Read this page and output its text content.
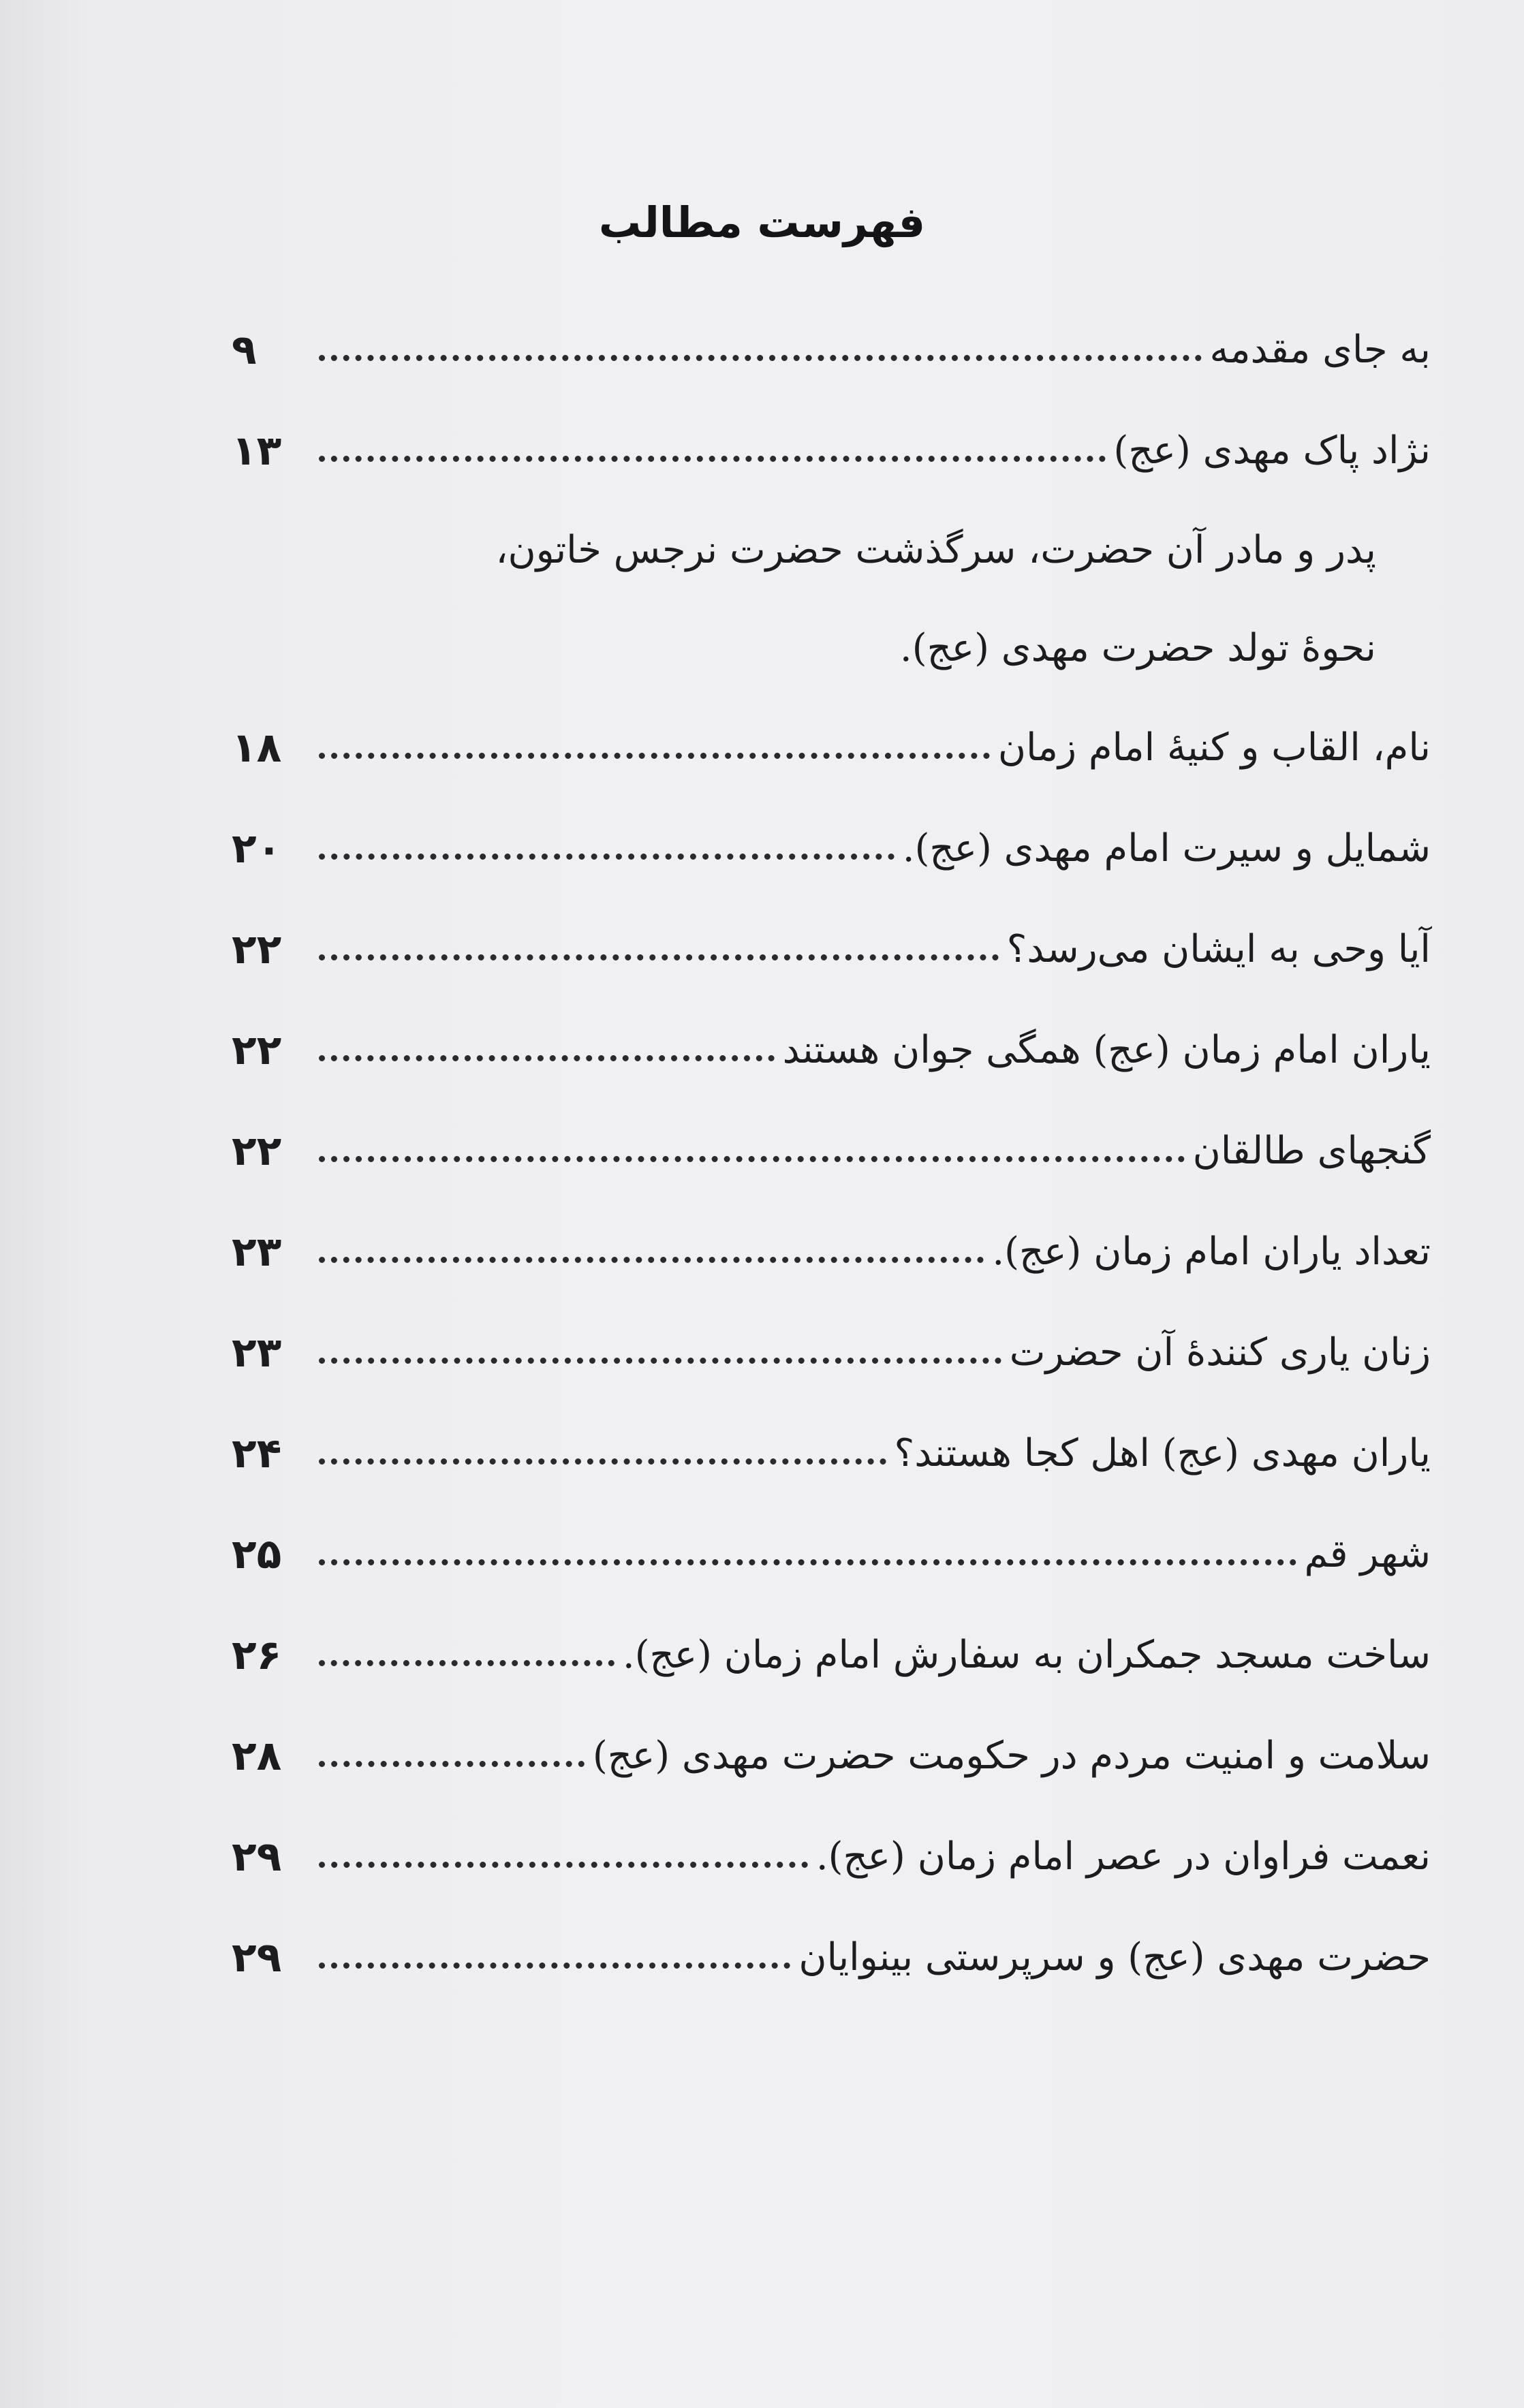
فهرست مطالب
به جای مقدمه
۹
نژاد پاک مهدی (عج)
۱۳
پدر و مادر آن حضرت، سرگذشت حضرت نرجس خاتون،
نحوهٔ تولد حضرت مهدی (عج).
نام، القاب و کنیهٔ امام زمان
۱۸
شمایل و سیرت امام مهدی (عج).
۲۰
آیا وحی به ایشان می‌رسد؟
۲۲
یاران امام زمان (عج) همگی جوان هستند
۲۲
گنجهای طالقان
۲۲
تعداد یاران امام زمان (عج).
۲۳
زنان یاری کنندهٔ آن حضرت
۲۳
یاران مهدی (عج) اهل کجا هستند؟
۲۴
شهر قم
۲۵
ساخت مسجد جمکران به سفارش امام زمان (عج).
۲۶
سلامت و امنیت مردم در حکومت حضرت مهدی (عج)
۲۸
نعمت فراوان در عصر امام زمان (عج).
۲۹
حضرت مهدی (عج) و سرپرستی بینوایان
۲۹
